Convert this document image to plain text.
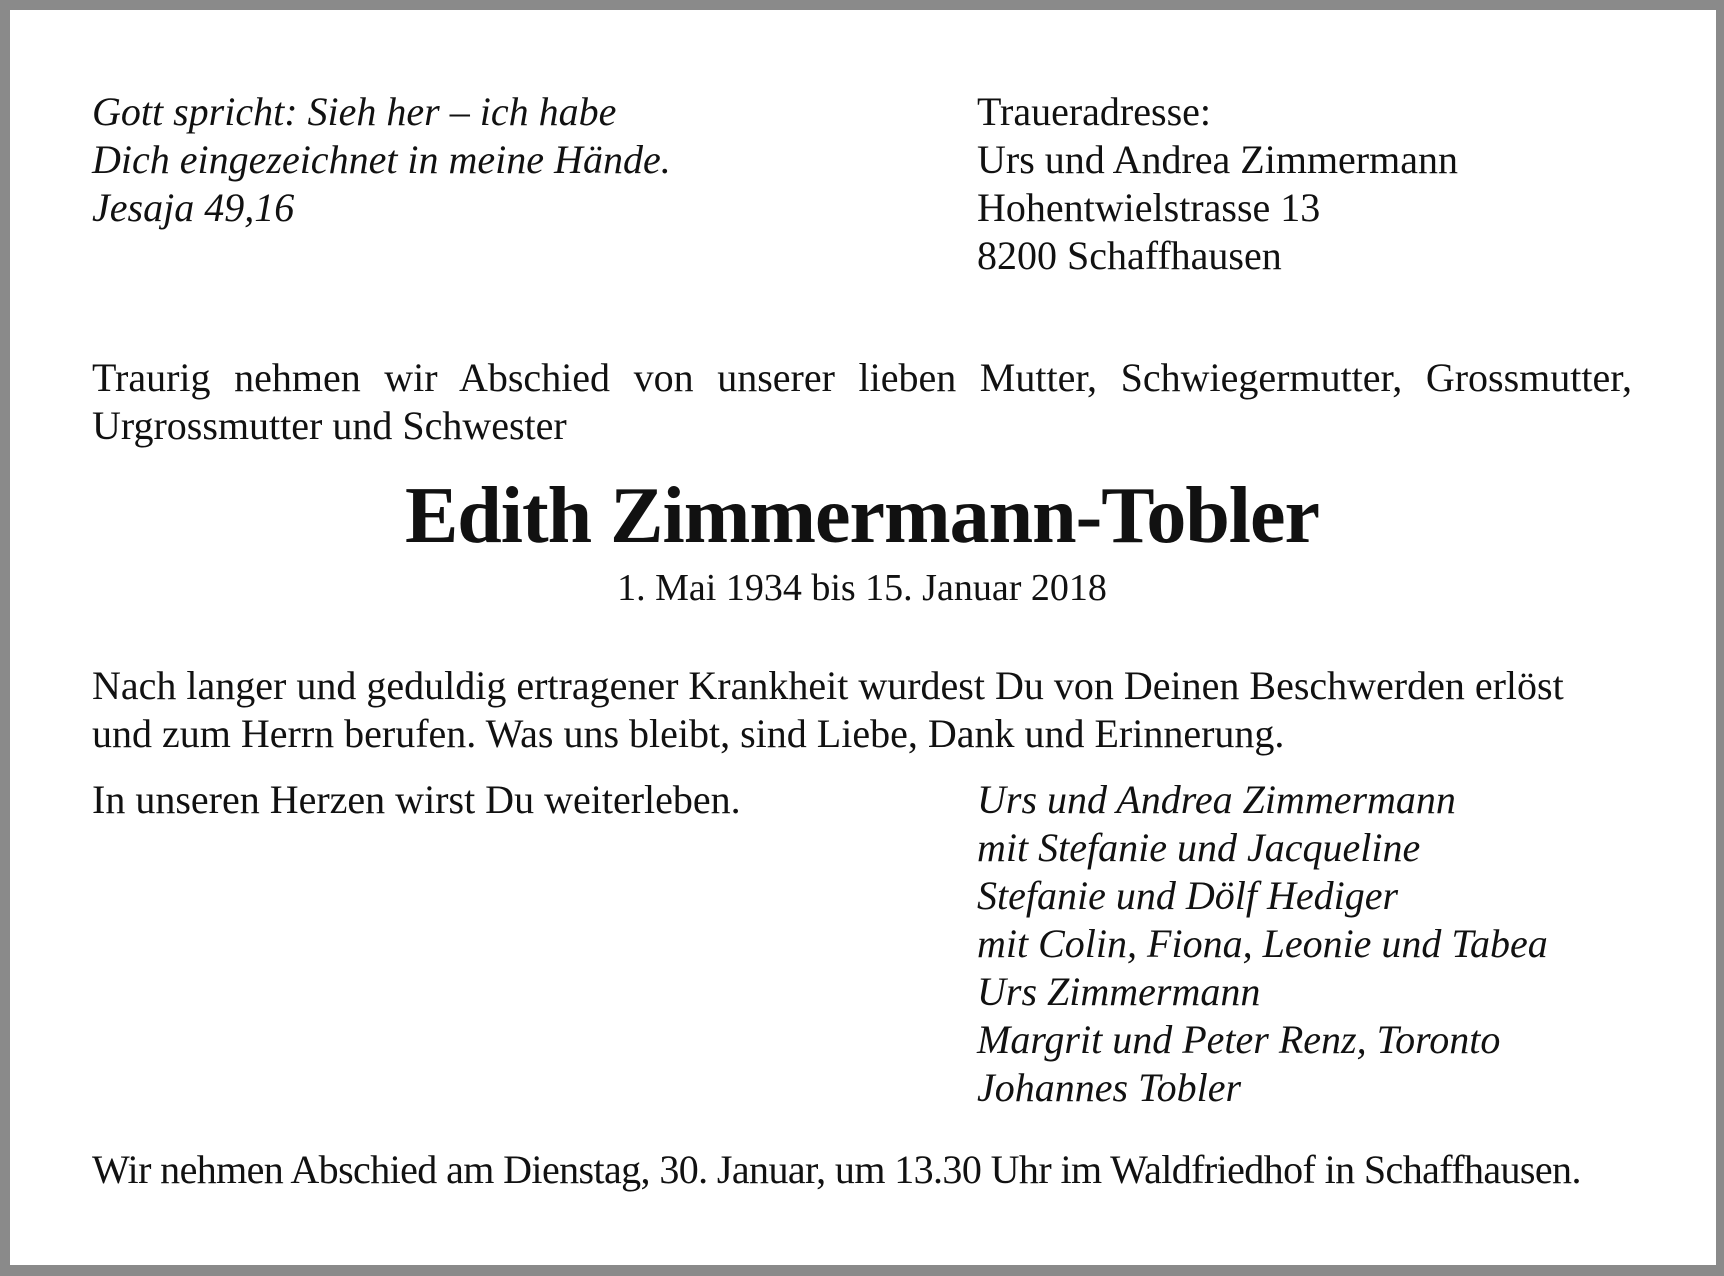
Gott spricht: Sieh her – ich habe
Dich eingezeichnet in meine Hände.
Jesaja 49,16
Traueradresse:
Urs und Andrea Zimmermann
Hohentwielstrasse 13
8200 Schaffhausen
Traurig nehmen wir Abschied von unserer lieben Mutter, Schwiegermutter, Grossmutter, Urgrossmutter und Schwester
Edith Zimmermann-Tobler
1. Mai 1934 bis 15. Januar 2018
Nach langer und geduldig ertragener Krankheit wurdest Du von Deinen Beschwerden erlöst und zum Herrn berufen. Was uns bleibt, sind Liebe, Dank und Erinnerung.
In unseren Herzen wirst Du weiterleben.	Urs und Andrea Zimmermann
mit Stefanie und Jacqueline
Stefanie und Dölf Hediger
mit Colin, Fiona, Leonie und Tabea
Urs Zimmermann
Margrit und Peter Renz, Toronto
Johannes Tobler
Wir nehmen Abschied am Dienstag, 30. Januar, um 13.30 Uhr im Waldfriedhof in Schaffhausen.
